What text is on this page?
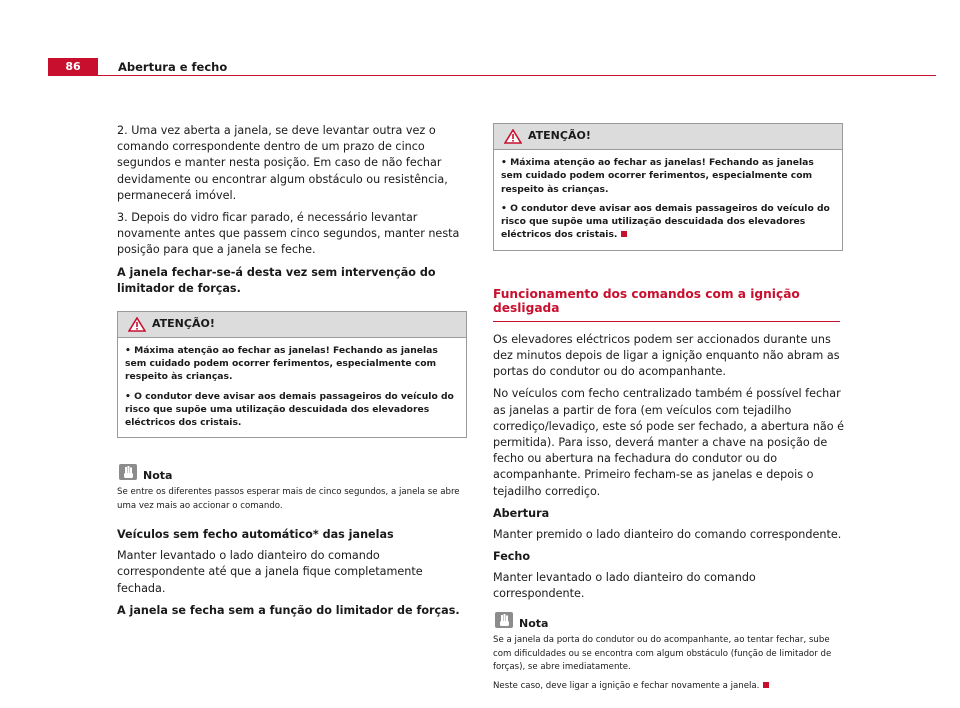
86	Abertura e fecho

2. Uma vez aberta a janela, se deve levantar outra vez o comando correspondente dentro de um prazo de cinco segundos e manter nesta posição. Em caso de não fechar devidamente ou encontrar algum obstáculo ou resistência, permanecerá imóvel.

3. Depois do vidro ficar parado, é necessário levantar novamente antes que passem cinco segundos, manter nesta posição para que a janela se feche.

A janela fechar-se-á desta vez sem intervenção do limitador de forças.

ATENÇÃO!

• Máxima atenção ao fechar as janelas! Fechando as janelas sem cuidado podem ocorrer ferimentos, especialmente com respeito às crianças.

• O condutor deve avisar aos demais passageiros do veículo do risco que supõe uma utilização descuidada dos elevadores eléctricos dos cristais.

Nota

Se entre os diferentes passos esperar mais de cinco segundos, a janela se abre uma vez mais ao accionar o comando.

Veículos sem fecho automático* das janelas

Manter levantado o lado dianteiro do comando correspondente até que a janela fique completamente fechada.

A janela se fecha sem a função do limitador de forças.

ATENÇÃO!

• Máxima atenção ao fechar as janelas! Fechando as janelas sem cuidado podem ocorrer ferimentos, especialmente com respeito às crianças.

• O condutor deve avisar aos demais passageiros do veículo do risco que supõe uma utilização descuidada dos elevadores eléctricos dos cristais.

Funcionamento dos comandos com a ignição desligada

Os elevadores eléctricos podem ser accionados durante uns dez minutos depois de ligar a ignição enquanto não abram as portas do condutor ou do acompanhante.

No veículos com fecho centralizado também é possível fechar as janelas a partir de fora (em veículos com tejadilho corrediço/levadiço, este só pode ser fechado, a abertura não é permitida). Para isso, deverá manter a chave na posição de fecho ou abertura na fechadura do condutor ou do acompanhante. Primeiro fecham-se as janelas e depois o tejadilho corrediço.

Abertura

Manter premido o lado dianteiro do comando correspondente.

Fecho

Manter levantado o lado dianteiro do comando correspondente.

Nota

Se a janela da porta do condutor ou do acompanhante, ao tentar fechar, sube com dificuldades ou se encontra com algum obstáculo (função de limitador de forças), se abre imediatamente.

Neste caso, deve ligar a ignição e fechar novamente a janela.
